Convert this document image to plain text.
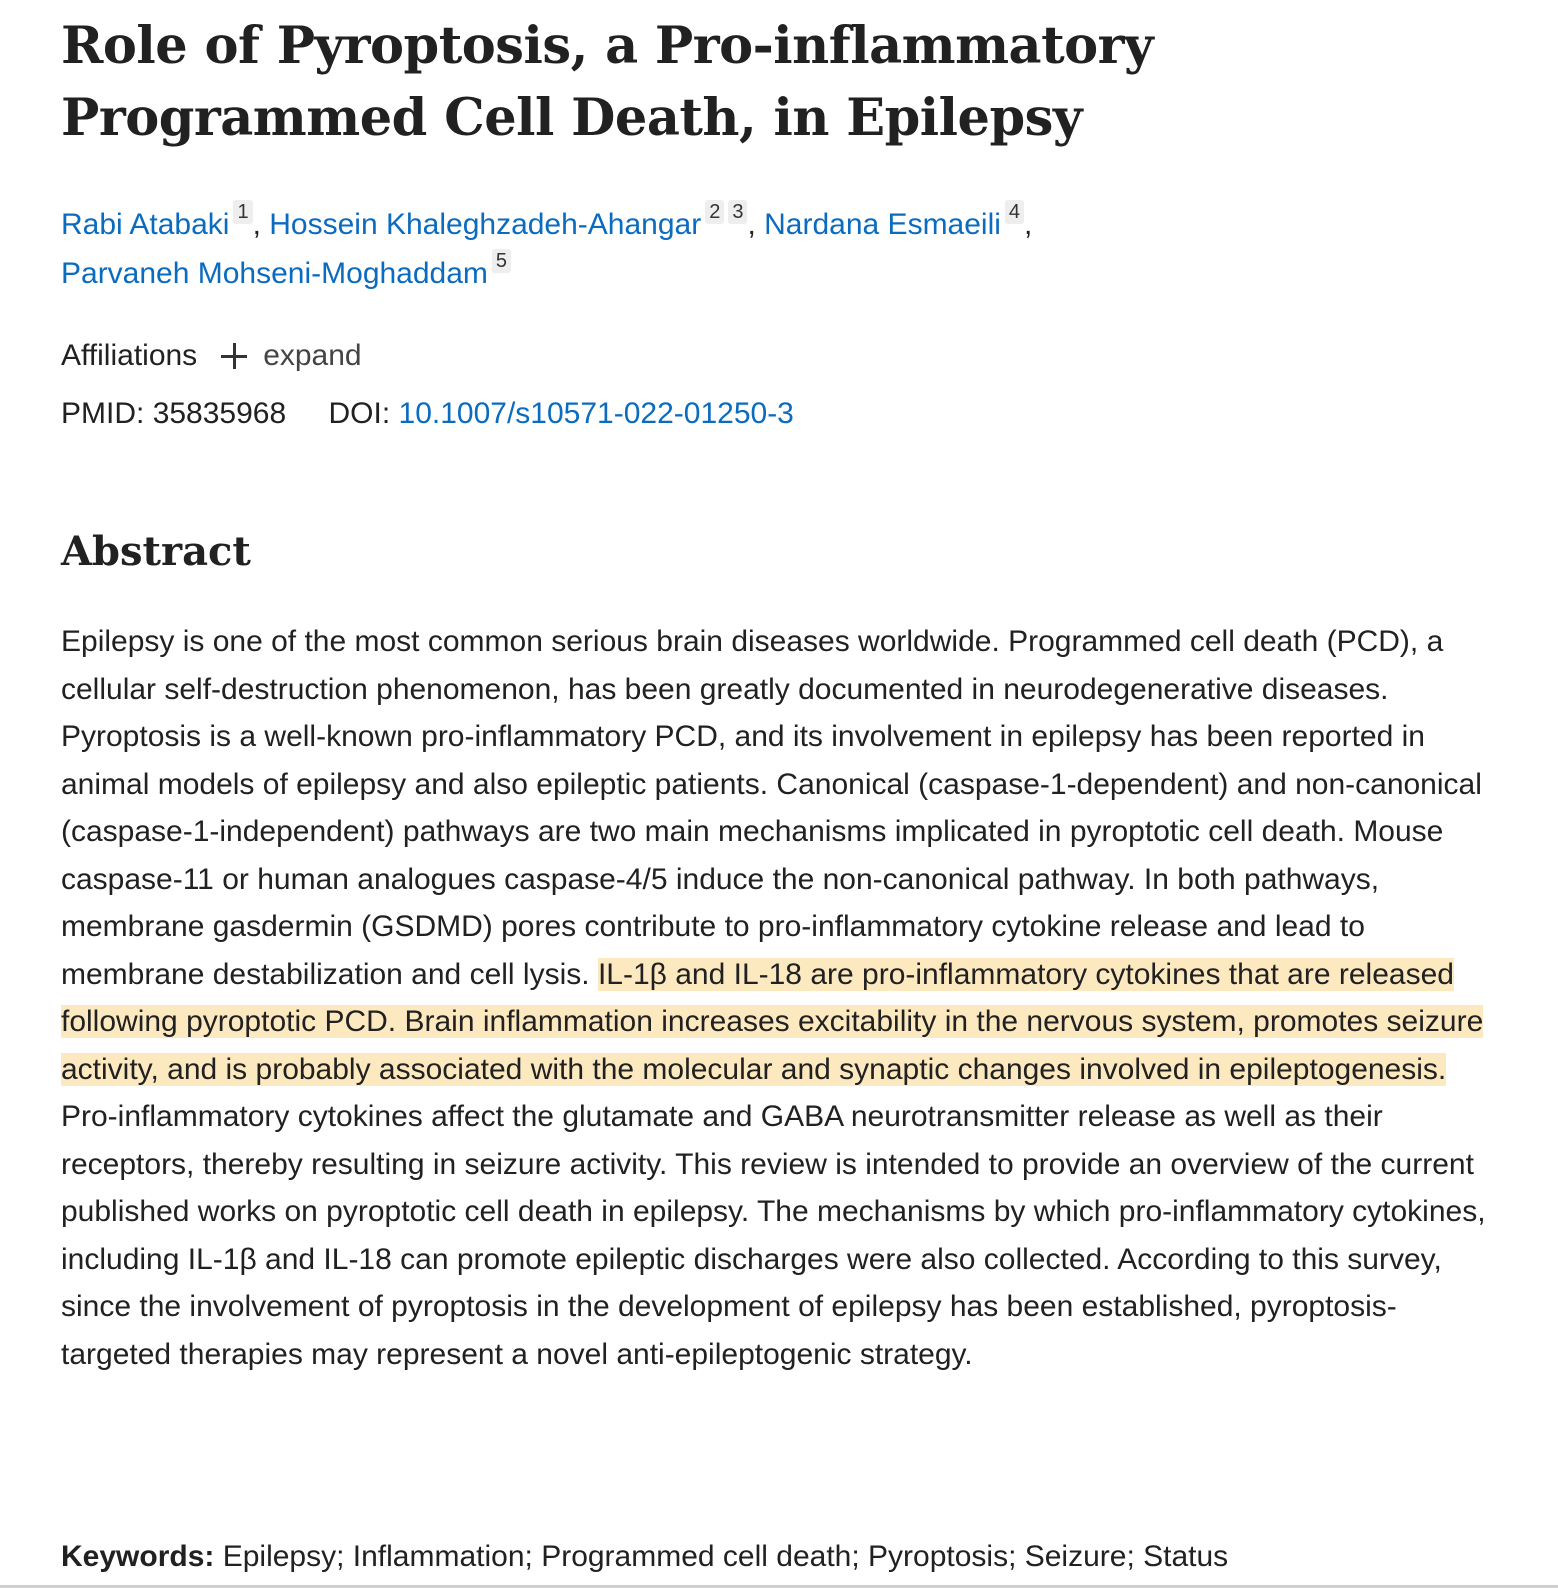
Role of Pyroptosis, a Pro-inflammatory Programmed Cell Death, in Epilepsy
Rabi Atabaki 1 , Hossein Khaleghzadeh-Ahangar 2 3 , Nardana Esmaeili 4 ,
Parvaneh Mohseni-Moghaddam 5
Affiliations expand
PMID: 35835968 DOI: 10.1007/s10571-022-01250-3
Abstract

Epilepsy is one of the most common serious brain diseases worldwide. Programmed cell death (PCD), a cellular self-destruction phenomenon, has been greatly documented in neurodegenerative diseases. Pyroptosis is a well-known pro-inflammatory PCD, and its involvement in epilepsy has been reported in animal models of epilepsy and also epileptic patients. Canonical (caspase-1-dependent) and non-canonical (caspase-1-independent) pathways are two main mechanisms implicated in pyroptotic cell death. Mouse caspase-11 or human analogues caspase-4/5 induce the non-canonical pathway. In both pathways, membrane gasdermin (GSDMD) pores contribute to pro-inflammatory cytokine release and lead to membrane destabilization and cell lysis. IL-1β and IL-18 are pro-inflammatory cytokines that are released following pyroptotic PCD. Brain inflammation increases excitability in the nervous system, promotes seizure activity, and is probably associated with the molecular and synaptic changes involved in epileptogenesis. Pro-inflammatory cytokines affect the glutamate and GABA neurotransmitter release as well as their receptors, thereby resulting in seizure activity. This review is intended to provide an overview of the current published works on pyroptotic cell death in epilepsy. The mechanisms by which pro-inflammatory cytokines, including IL-1β and IL-18 can promote epileptic discharges were also collected. According to this survey, since the involvement of pyroptosis in the development of epilepsy has been established, pyroptosis-targeted therapies may represent a novel anti-epileptogenic strategy.

Keywords: Epilepsy; Inflammation; Programmed cell death; Pyroptosis; Seizure; Status
